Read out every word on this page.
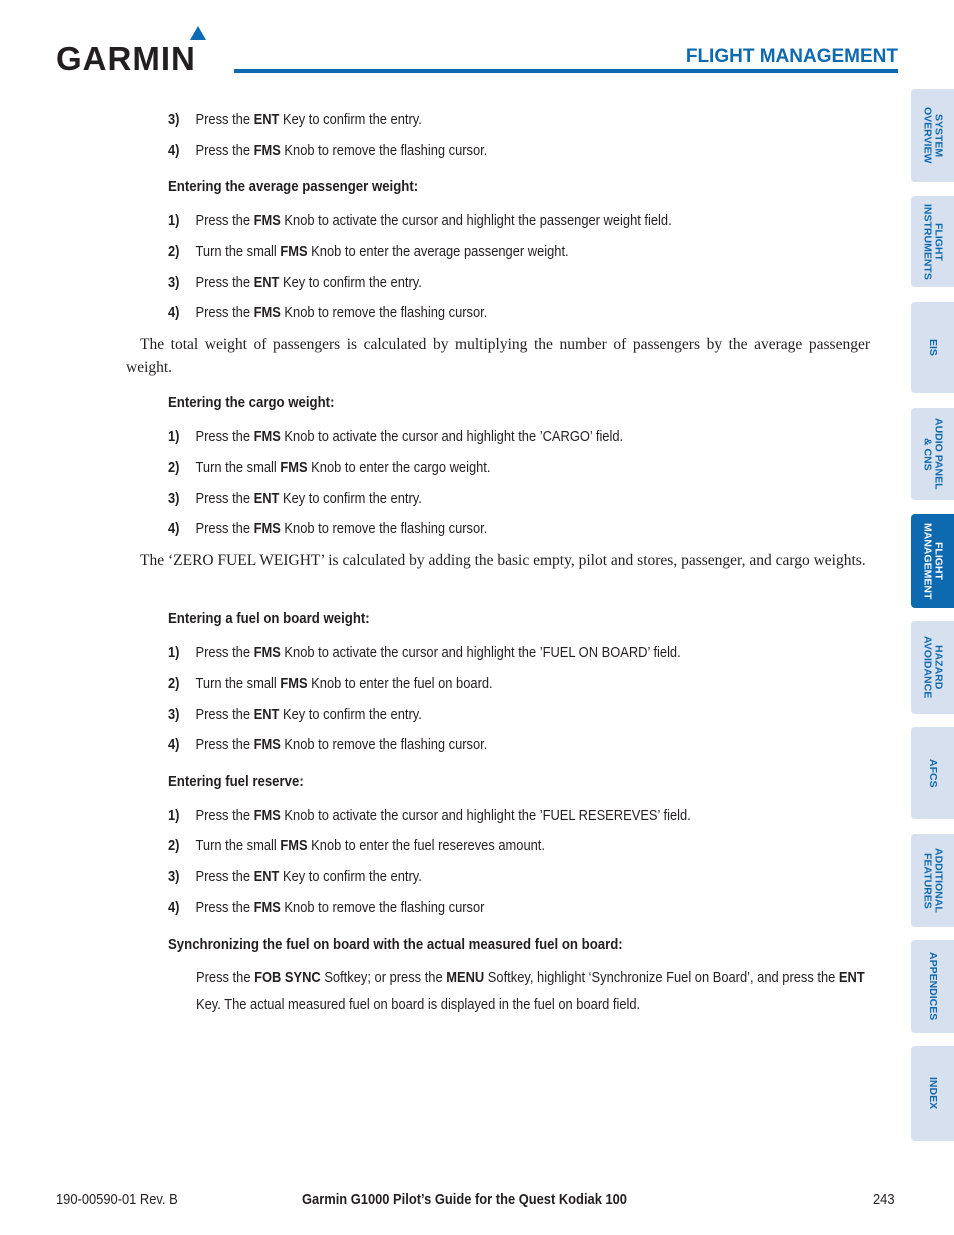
GARMIN	FLIGHT MANAGEMENT
3) Press the ENT Key to confirm the entry.
4) Press the FMS Knob to remove the flashing cursor.
Entering the average passenger weight:
1) Press the FMS Knob to activate the cursor and highlight the passenger weight field.
2) Turn the small FMS Knob to enter the average passenger weight.
3) Press the ENT Key to confirm the entry.
4) Press the FMS Knob to remove the flashing cursor.
The total weight of passengers is calculated by multiplying the number of passengers by the average passenger weight.
Entering the cargo weight:
1) Press the FMS Knob to activate the cursor and highlight the ’CARGO’ field.
2) Turn the small FMS Knob to enter the cargo weight.
3) Press the ENT Key to confirm the entry.
4) Press the FMS Knob to remove the flashing cursor.
The ‘ZERO FUEL WEIGHT’ is calculated by adding the basic empty, pilot and stores, passenger, and cargo weights.
Entering a fuel on board weight:
1) Press the FMS Knob to activate the cursor and highlight the ’FUEL ON BOARD’ field.
2) Turn the small FMS Knob to enter the fuel on board.
3) Press the ENT Key to confirm the entry.
4) Press the FMS Knob to remove the flashing cursor.
Entering fuel reserve:
1) Press the FMS Knob to activate the cursor and highlight the ’FUEL RESEREVES’ field.
2) Turn the small FMS Knob to enter the fuel resereves amount.
3) Press the ENT Key to confirm the entry.
4) Press the FMS Knob to remove the flashing cursor
Synchronizing the fuel on board with the actual measured fuel on board:
Press the FOB SYNC Softkey; or press the MENU Softkey, highlight ‘Synchronize Fuel on Board’, and press the ENT Key. The actual measured fuel on board is displayed in the fuel on board field.
SYSTEM
OVERVIEW
FLIGHT
INSTRUMENTS
EIS
AUDIO PANEL
& CNS
FLIGHT
MANAGEMENT
HAZARD
AVOIDANCE
AFCS
ADDITIONAL
FEATURES
APPENDICES
INDEX
190-00590-01 Rev. B	Garmin G1000 Pilot’s Guide for the Quest Kodiak 100	243
